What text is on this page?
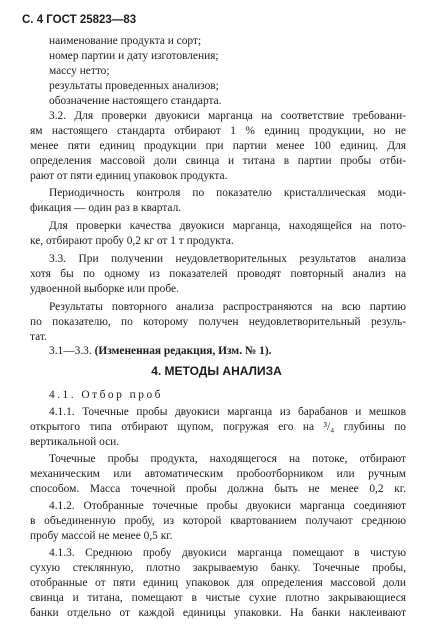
С. 4 ГОСТ 25823—83
наименование продукта и сорт;
номер партии и дату изготовления;
массу нетто;
результаты проведенных анализов;
обозначение настоящего стандарта.
3.2. Для проверки двуокиси марганца на соответствие требовани-
ям настоящего стандарта отбирают 1 % единиц продукции, но не
менее пяти единиц продукции при партии менее 100 единиц. Для
определения массовой доли свинца и титана в партии пробы отби-
рают от пяти единиц упаковок продукта.
Периодичность контроля по показателю кристаллическая моди-
фикация — один раз в квартал.
Для проверки качества двуокиси марганца, находящейся на пото-
ке, отбирают пробу 0,2 кг от 1 т продукта.
3.3. При получении неудовлетворительных результатов анализа
хотя бы по одному из показателей проводят повторный анализ на
удвоенной выборке или пробе.
Результаты повторного анализа распространяются на всю партию
по показателю, по которому получен неудовлетворительный резуль-
тат.
3.1—3.3. (Измененная редакция, Изм. № 1).
4. МЕТОДЫ АНАЛИЗА
4.1. Отбор проб
4.1.1. Точечные пробы двуокиси марганца из барабанов и мешков
открытого типа отбирают щупом, погружая его на ³/₄ глубины по
вертикальной оси.
Точечные пробы продукта, находящегося на потоке, отбирают
механическим или автоматическим пробоотборником или ручным
способом. Масса точечной пробы должна быть не менее 0,2 кг.
4.1.2. Отобранные точечные пробы двуокиси марганца соединяют
в объединенную пробу, из которой квартованием получают среднюю
пробу массой не менее 0,5 кг.
4.1.3. Среднюю пробу двуокиси марганца помещают в чистую
сухую стеклянную, плотно закрываемую банку. Точечные пробы,
отобранные от пяти единиц упаковок для определения массовой доли
свинца и титана, помещают в чистые сухие плотно закрывающиеся
банки отдельно от каждой единицы упаковки. На банки наклеивают
